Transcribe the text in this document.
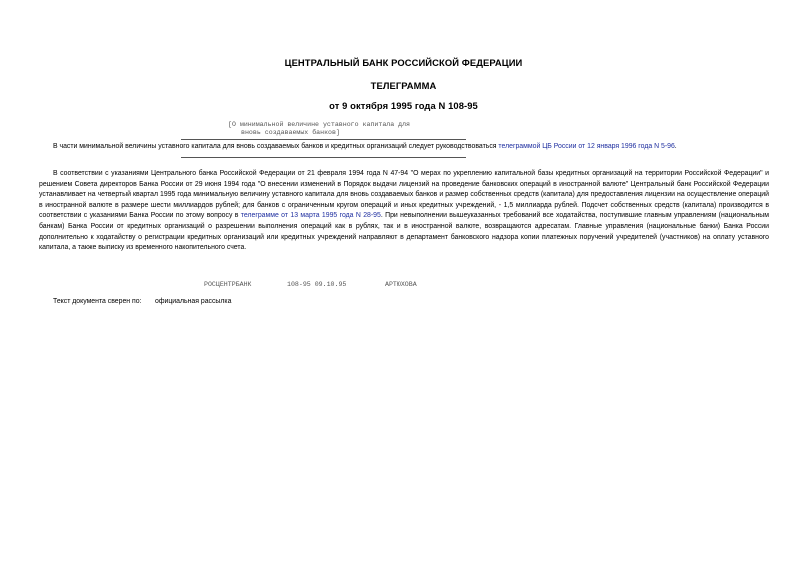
ЦЕНТРАЛЬНЫЙ БАНК РОССИЙСКОЙ ФЕДЕРАЦИИ
ТЕЛЕГРАММА
от 9 октября 1995 года N 108-95
[О минимальной величине уставного капитала для
вновь создаваемых банков]
В части минимальной величины уставного капитала для вновь создаваемых банков и кредитных организаций следует руководствоваться телеграммой ЦБ России от 12 января 1996 года N 5-96.
В соответствии с указаниями Центрального банка Российской Федерации от 21 февраля 1994 года N 47-94 "О мерах по укреплению капитальной базы кредитных организаций на территории Российской Федерации" и решением Совета директоров Банка России от 29 июня 1994 года "О внесении изменений в Порядок выдачи лицензий на проведение банковских операций в иностранной валюте" Центральный банк Российской Федерации устанавливает на четвертый квартал 1995 года минимальную величину уставного капитала для вновь создаваемых банков и размер собственных средств (капитала) для предоставления лицензии на осуществление операций в иностранной валюте в размере шести миллиардов рублей; для банков с ограниченным кругом операций и иных кредитных учреждений, - 1,5 миллиарда рублей. Подсчет собственных средств (капитала) производится в соответствии с указаниями Банка России по этому вопросу в телеграмме от 13 марта 1995 года N 28-95. При невыполнении вышеуказанных требований все ходатайства, поступившие главным управлениям (национальным банкам) Банка России от кредитных организаций о разрешении выполнения операций как в рублях, так и в иностранной валюте, возвращаются адресатам. Главные управления (национальные банки) Банка России дополнительно к ходатайству о регистрации кредитных организаций или кредитных учреждений направляют в департамент банковского надзора копии платежных поручений учредителей (участников) на оплату уставного капитала, а также выписку из временного накопительного счета.
РОСЦЕНТРБАНК	108-95 09.10.95	АРТЮХОВА
Текст документа сверен по: официальная рассылка
